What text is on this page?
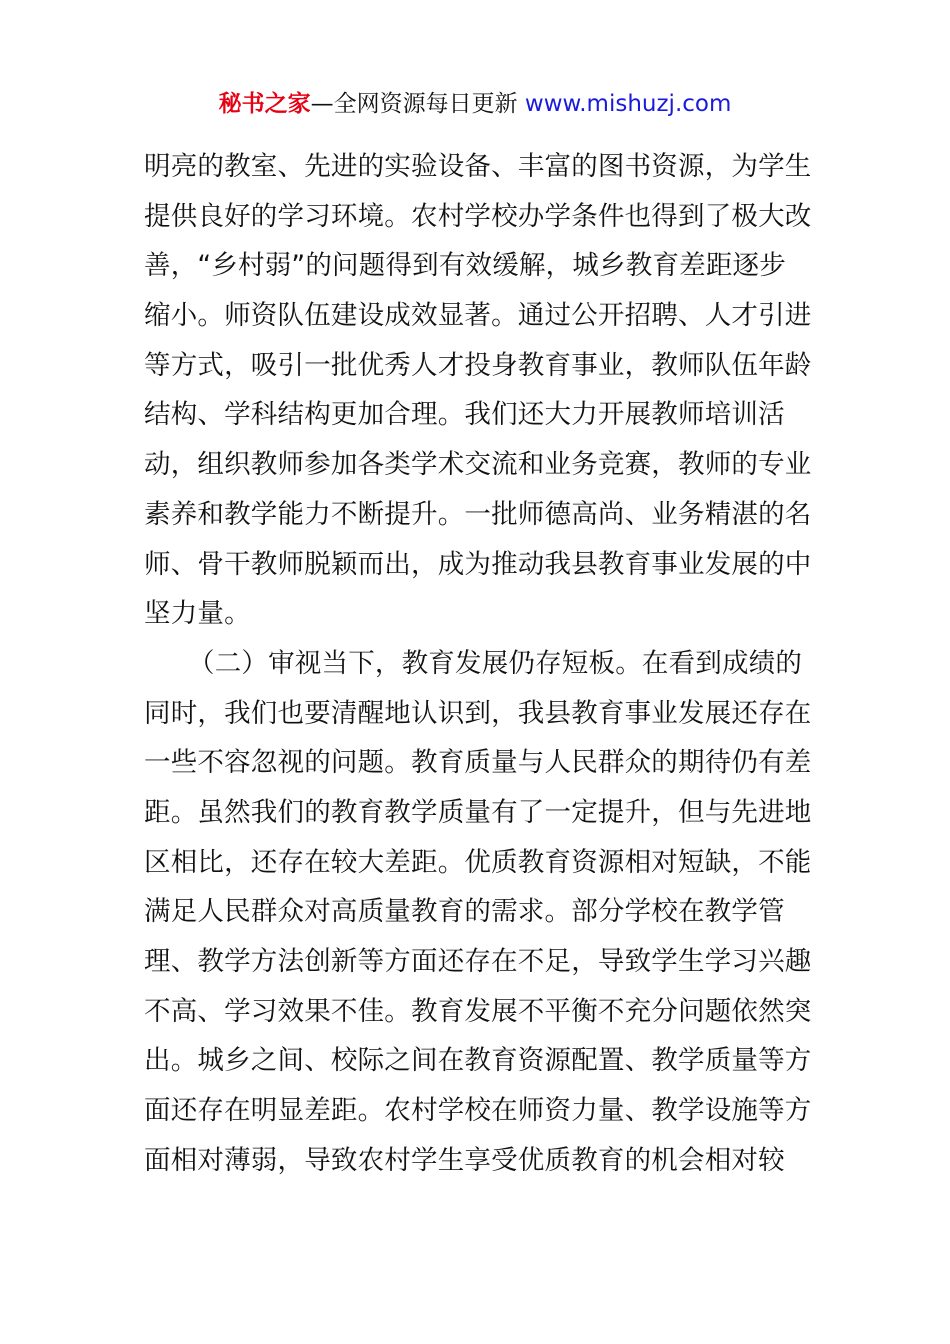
秘书之家—全网资源每日更新 www.mishuzj.com
明亮的教室、先进的实验设备、丰富的图书资源，为学生
提供良好的学习环境。农村学校办学条件也得到了极大改
善，“乡村弱”的问题得到有效缓解，城乡教育差距逐步
缩小。师资队伍建设成效显著。通过公开招聘、人才引进
等方式，吸引一批优秀人才投身教育事业，教师队伍年龄
结构、学科结构更加合理。我们还大力开展教师培训活
动，组织教师参加各类学术交流和业务竞赛，教师的专业
素养和教学能力不断提升。一批师德高尚、业务精湛的名
师、骨干教师脱颖而出，成为推动我县教育事业发展的中
坚力量。
（二）审视当下，教育发展仍存短板。在看到成绩的
同时，我们也要清醒地认识到，我县教育事业发展还存在
一些不容忽视的问题。教育质量与人民群众的期待仍有差
距。虽然我们的教育教学质量有了一定提升，但与先进地
区相比，还存在较大差距。优质教育资源相对短缺，不能
满足人民群众对高质量教育的需求。部分学校在教学管
理、教学方法创新等方面还存在不足，导致学生学习兴趣
不高、学习效果不佳。教育发展不平衡不充分问题依然突
出。城乡之间、校际之间在教育资源配置、教学质量等方
面还存在明显差距。农村学校在师资力量、教学设施等方
面相对薄弱，导致农村学生享受优质教育的机会相对较
